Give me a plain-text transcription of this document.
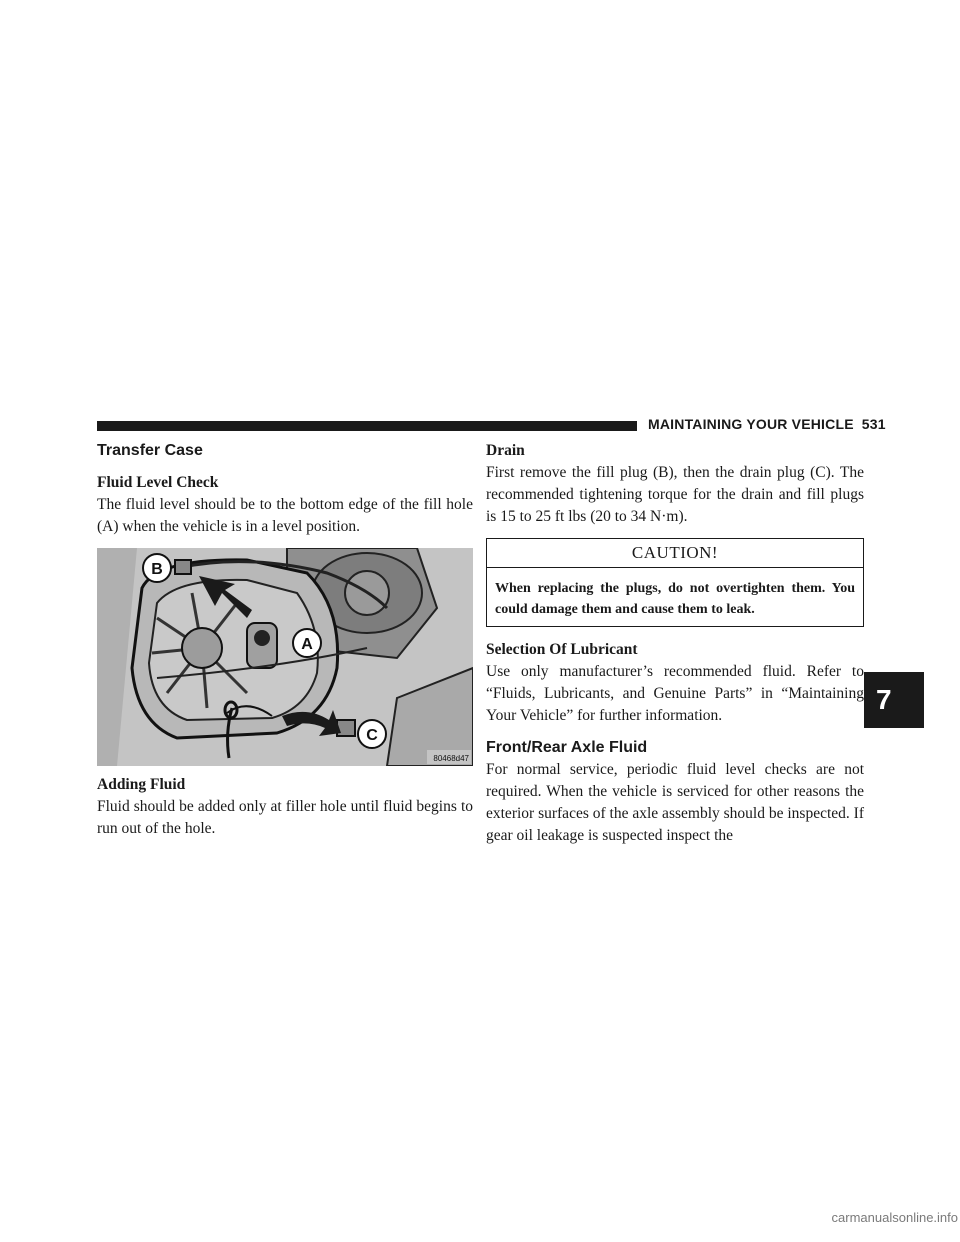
MAINTAINING YOUR VEHICLE 531
Transfer Case
Fluid Level Check

The fluid level should be to the bottom edge of the fill hole (A) when the vehicle is in a level position.

B
A
C
80468d47
Adding Fluid

Fluid should be added only at filler hole until fluid begins to run out of the hole.

Drain

First remove the fill plug (B), then the drain plug (C). The recommended tightening torque for the drain and fill plugs is 15 to 25 ft lbs (20 to 34 N·m).

CAUTION!
When replacing the plugs, do not overtighten them. You could damage them and cause them to leak.
Selection Of Lubricant

Use only manufacturer’s recommended fluid. Refer to “Fluids, Lubricants, and Genuine Parts” in “Maintaining Your Vehicle” for further information.

Front/Rear Axle Fluid

For normal service, periodic fluid level checks are not required. When the vehicle is serviced for other reasons the exterior surfaces of the axle assembly should be inspected. If gear oil leakage is suspected inspect the

7
carmanualsonline.info
